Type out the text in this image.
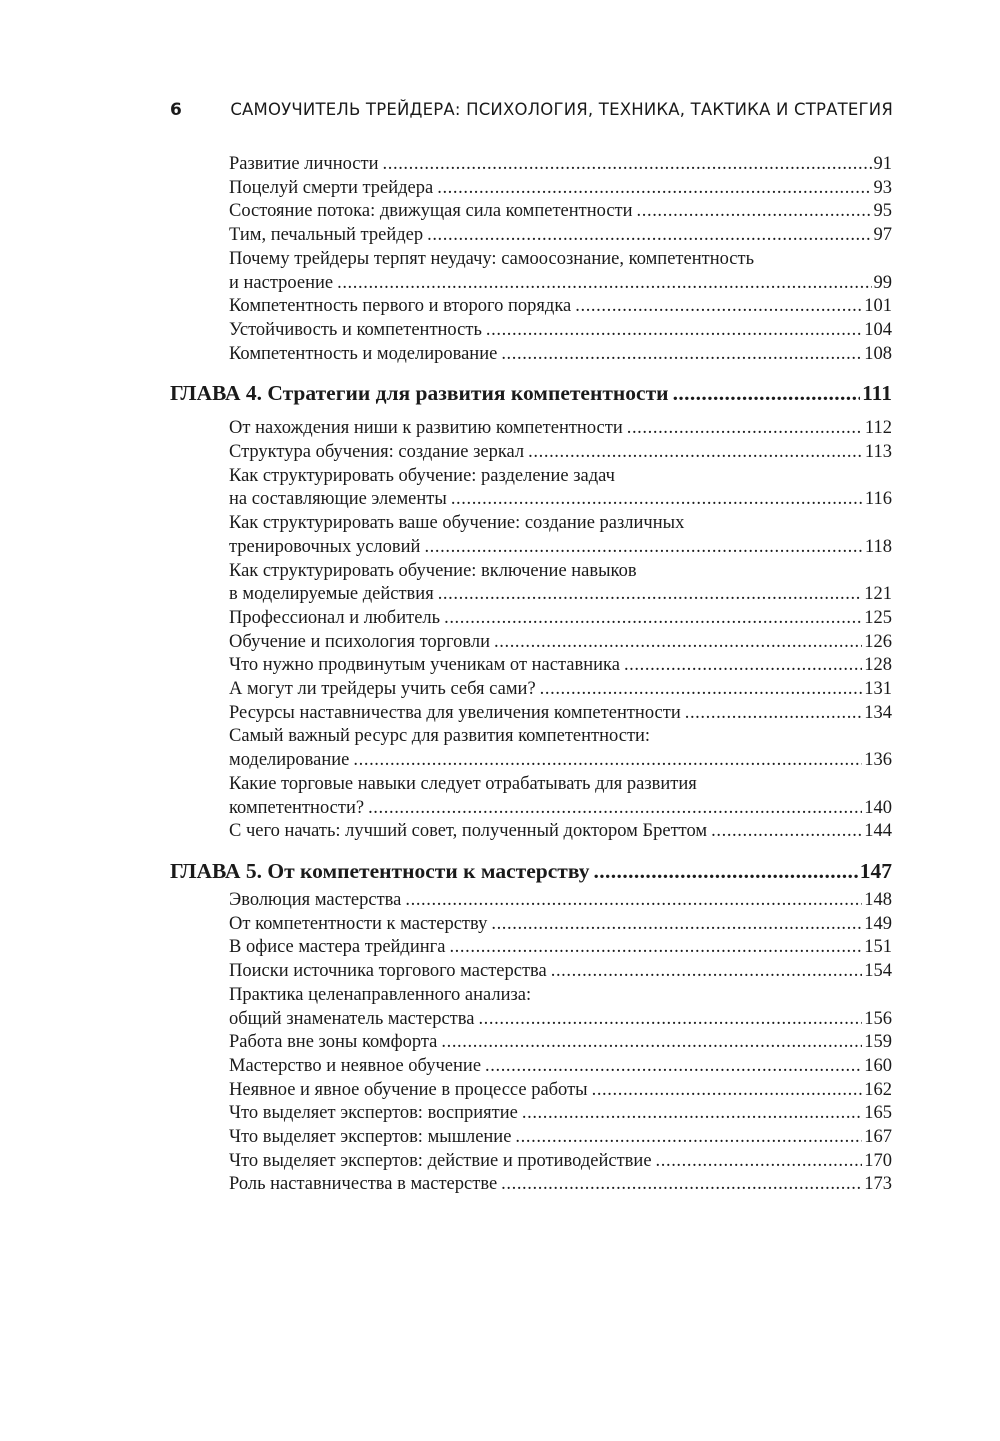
6	САМОУЧИТЕЛЬ ТРЕЙДЕРА: ПСИХОЛОГИЯ, ТЕХНИКА, ТАКТИКА И СТРАТЕГИЯ
Развитие личности .....	91
Поцелуй смерти трейдера .....	93
Состояние потока: движущая сила компетентности .....	95
Тим, печальный трейдер .....	97
Почему трейдеры терпят неудачу: самоосознание, компетентность
и настроение .....	99
Компетентность первого и второго порядка .....	101
Устойчивость и компетентность .....	104
Компетентность и моделирование .....	108
ГЛАВА 4. Стратегии для развития компетентности .....	111
От нахождения ниши к развитию компетентности .....	112
Структура обучения: создание зеркал .....	113
Как структурировать обучение: разделение задач
на составляющие элементы .....	116
Как структурировать ваше обучение: создание различных
тренировочных условий .....	118
Как структурировать обучение: включение навыков
в моделируемые действия .....	121
Профессионал и любитель .....	125
Обучение и психология торговли .....	126
Что нужно продвинутым ученикам от наставника .....	128
А могут ли трейдеры учить себя сами? .....	131
Ресурсы наставничества для увеличения компетентности .....	134
Самый важный ресурс для развития компетентности:
моделирование .....	136
Какие торговые навыки следует отрабатывать для развития
компетентности? .....	140
С чего начать: лучший совет, полученный доктором Бреттом .....	144
ГЛАВА 5. От компетентности к мастерству .....	147
Эволюция мастерства .....	148
От компетентности к мастерству .....	149
В офисе мастера трейдинга .....	151
Поиски источника торгового мастерства .....	154
Практика целенаправленного анализа:
общий знаменатель мастерства .....	156
Работа вне зоны комфорта .....	159
Мастерство и неявное обучение .....	160
Неявное и явное обучение в процессе работы .....	162
Что выделяет экспертов: восприятие .....	165
Что выделяет экспертов: мышление .....	167
Что выделяет экспертов: действие и противодействие .....	170
Роль наставничества в мастерстве .....	173
